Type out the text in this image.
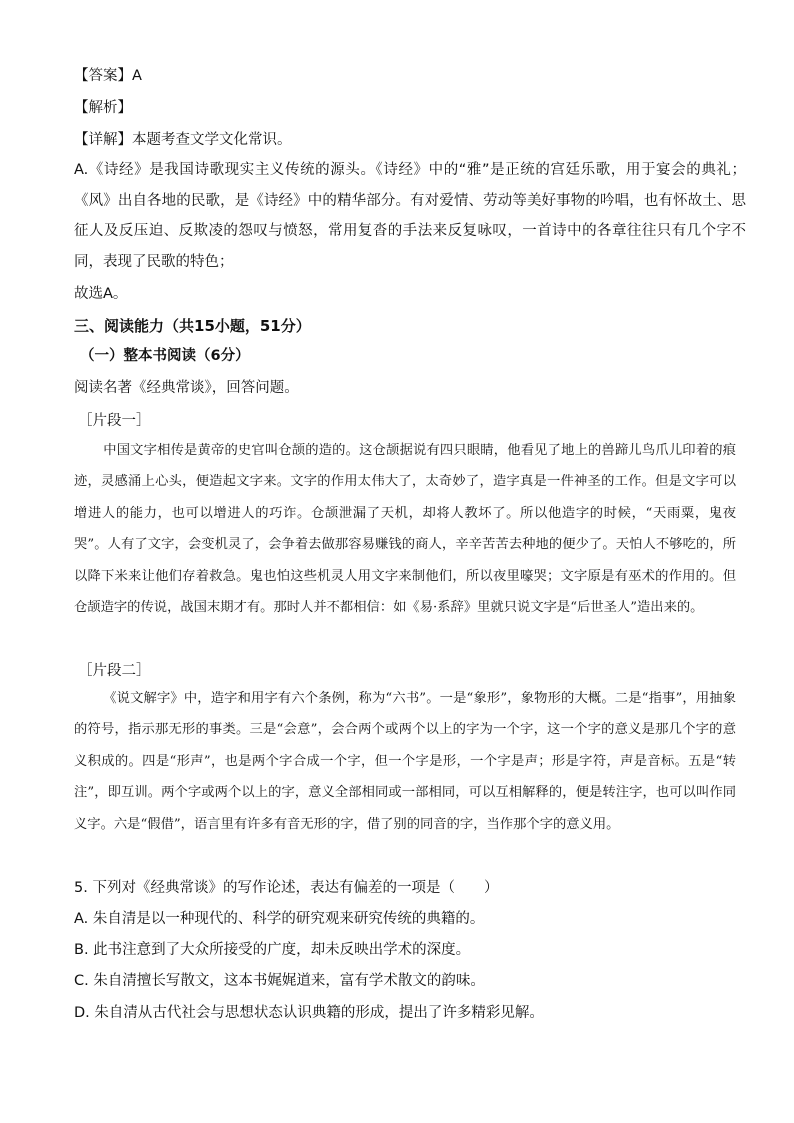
【答案】A
【解析】
【详解】本题考查文学文化常识。
A.《诗经》是我国诗歌现实主义传统的源头。《诗经》中的“雅”是正统的宫廷乐歌，用于宴会的典礼；《风》出自各地的民歌，是《诗经》中的精华部分。有对爱情、劳动等美好事物的吟唱，也有怀故土、思征人及反压迫、反欺凌的怨叹与愤怒，常用复沓的手法来反复咏叹，一首诗中的各章往往只有几个字不同，表现了民歌的特色；
故选A。
三、阅读能力（共15小题，51分）
（一）整本书阅读（6分）
阅读名著《经典常谈》，回答问题。
［片段一］
中国文字相传是黄帝的史官叫仓颉的造的。这仓颉据说有四只眼睛，他看见了地上的兽蹄儿鸟爪儿印着的痕迹，灵感涌上心头，便造起文字来。文字的作用太伟大了，太奇妙了，造字真是一件神圣的工作。但是文字可以增进人的能力，也可以增进人的巧诈。仓颉泄漏了天机，却将人教坏了。所以他造字的时候，“天雨粟，鬼夜哭”。人有了文字，会变机灵了，会争着去做那容易赚钱的商人，辛辛苦苦去种地的便少了。天怕人不够吃的，所以降下米来让他们存着救急。鬼也怕这些机灵人用文字来制他们，所以夜里嚎哭；文字原是有巫术的作用的。但仓颉造字的传说，战国末期才有。那时人并不都相信：如《易·系辞》里就只说文字是“后世圣人”造出来的。
［片段二］
《说文解字》中，造字和用字有六个条例，称为“六书”。一是“象形”，象物形的大概。二是“指事”，用抽象的符号，指示那无形的事类。三是“会意”，会合两个或两个以上的字为一个字，这一个字的意义是那几个字的意义积成的。四是“形声”，也是两个字合成一个字，但一个字是形，一个字是声；形是字符，声是音标。五是“转注”，即互训。两个字或两个以上的字，意义全部相同或一部相同，可以互相解释的，便是转注字，也可以叫作同义字。六是“假借”，语言里有许多有音无形的字，借了别的同音的字，当作那个字的意义用。
5. 下列对《经典常谈》的写作论述，表达有偏差的一项是（　　）
A. 朱自清是以一种现代的、科学的研究观来研究传统的典籍的。
B. 此书注意到了大众所接受的广度，却未反映出学术的深度。
C. 朱自清擅长写散文，这本书娓娓道来，富有学术散文的韵味。
D. 朱自清从古代社会与思想状态认识典籍的形成，提出了许多精彩见解。
